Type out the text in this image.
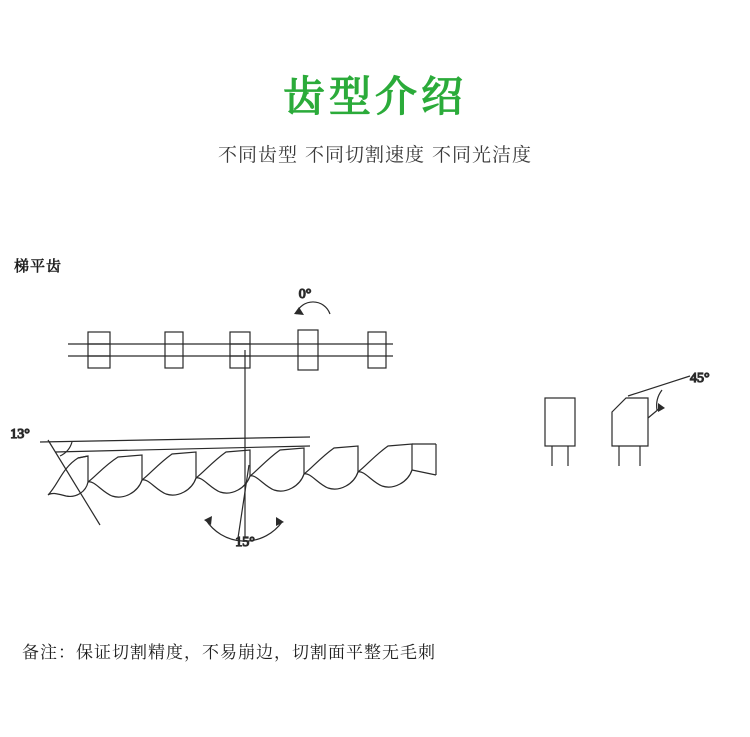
齿型介绍
不同齿型 不同切割速度 不同光洁度
梯平齿
0°
13°
15°
45°
备注：保证切割精度，不易崩边，切割面平整无毛刺
